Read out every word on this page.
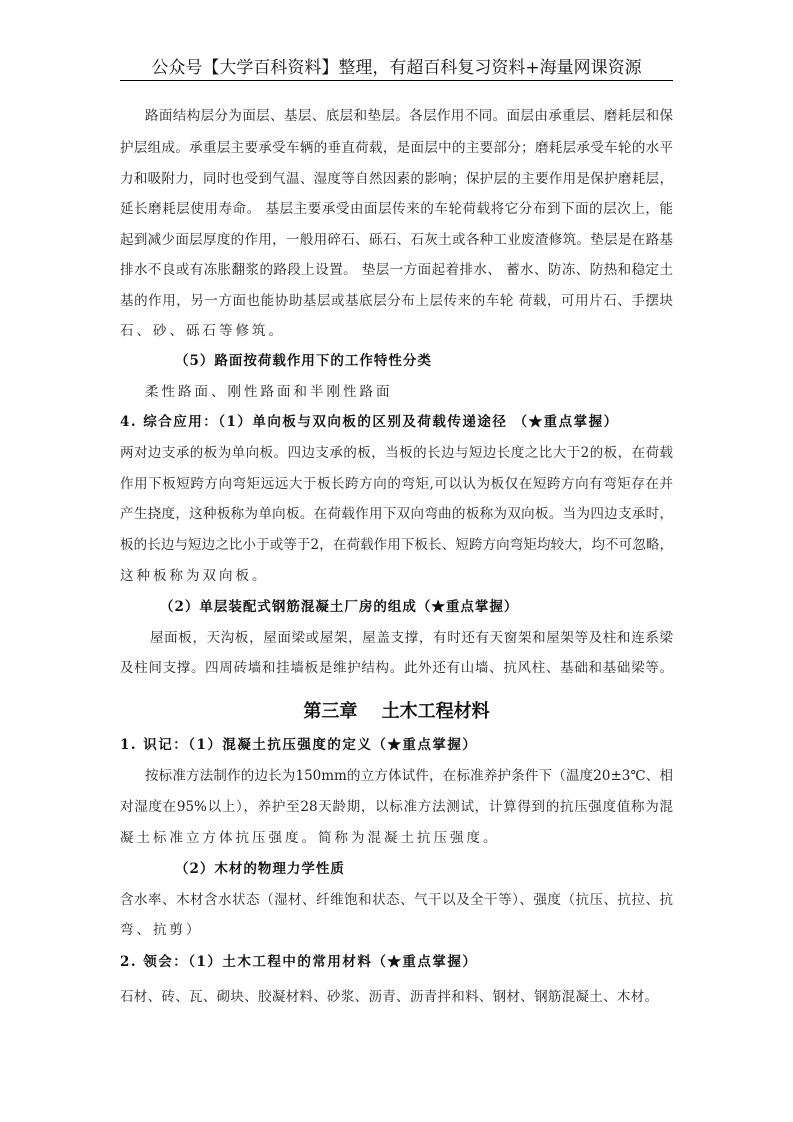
公众号【大学百科资料】整理，有超百科复习资料+海量网课资源
路面结构层分为面层、基层、底层和垫层。各层作用不同。面层由承重层、磨耗层和保
护层组成。承重层主要承受车辆的垂直荷载，是面层中的主要部分；磨耗层承受车轮的水平
力和吸附力，同时也受到气温、湿度等自然因素的影响；保护层的主要作用是保护磨耗层，
延长磨耗层使用寿命。 基层主要承受由面层传来的车轮荷载将它分布到下面的层次上，能
起到减少面层厚度的作用，一般用碎石、砾石、石灰土或各种工业废渣修筑。垫层是在路基
排水不良或有冻胀翻浆的路段上设置。 垫层一方面起着排水、 蓄水、防冻、防热和稳定土
基的作用，另一方面也能协助基层或基底层分布上层传来的车轮 荷载，可用片石、手摆块
石、砂、砾石等修筑。
（5）路面按荷载作用下的工作特性分类
柔性路面、刚性路面和半刚性路面
4. 综合应用：（1）单向板与双向板的区别及荷载传递途径 （★重点掌握）
两对边支承的板为单向板。四边支承的板，当板的长边与短边长度之比大于2的板，在荷载
作用下板短跨方向弯矩远远大于板长跨方向的弯矩,可以认为板仅在短跨方向有弯矩存在并
产生挠度，这种板称为单向板。在荷载作用下双向弯曲的板称为双向板。当为四边支承时，
板的长边与短边之比小于或等于2，在荷载作用下板长、短跨方向弯矩均较大，均不可忽略，
这种板称为双向板。
（2）单层装配式钢筋混凝土厂房的组成（★重点掌握）
屋面板，天沟板，屋面梁或屋架，屋盖支撑，有时还有天窗架和屋架等及柱和连系梁
及柱间支撑。四周砖墙和挂墙板是维护结构。此外还有山墙、抗风柱、基础和基础梁等。
第三章　 土木工程材料
1. 识记：（1）混凝土抗压强度的定义（★重点掌握）
按标准方法制作的边长为150mm的立方体试件，在标准养护条件下（温度20±3℃、相
对湿度在95%以上），养护至28天龄期，以标准方法测试，计算得到的抗压强度值称为混
凝土标准立方体抗压强度。简称为混凝土抗压强度。
（2）木材的物理力学性质
含水率、木材含水状态（湿材、纤维饱和状态、气干以及全干等）、强度（抗压、抗拉、抗
弯、抗剪）
2. 领会：（1）土木工程中的常用材料（★重点掌握）
石材、砖、瓦、砌块、胶凝材料、砂浆、沥青、沥青拌和料、钢材、钢筋混凝土、木材。
